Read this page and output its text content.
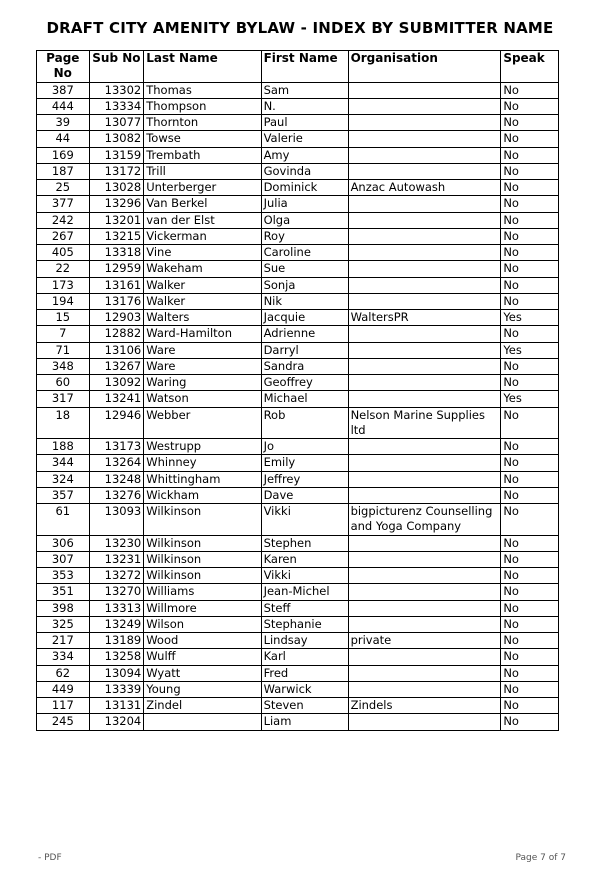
DRAFT CITY AMENITY BYLAW - INDEX BY SUBMITTER NAME
Page No	Sub No	Last Name	First Name	Organisation	Speak
387	13302	Thomas	Sam		No
444	13334	Thompson	N.		No
39	13077	Thornton	Paul		No
44	13082	Towse	Valerie		No
169	13159	Trembath	Amy		No
187	13172	Trill	Govinda		No
25	13028	Unterberger	Dominick	Anzac Autowash	No
377	13296	Van Berkel	Julia		No
242	13201	van der Elst	Olga		No
267	13215	Vickerman	Roy		No
405	13318	Vine	Caroline		No
22	12959	Wakeham	Sue		No
173	13161	Walker	Sonja		No
194	13176	Walker	Nik		No
15	12903	Walters	Jacquie	WaltersPR	Yes
7	12882	Ward-Hamilton	Adrienne		No
71	13106	Ware	Darryl		Yes
348	13267	Ware	Sandra		No
60	13092	Waring	Geoffrey		No
317	13241	Watson	Michael		Yes
18	12946	Webber	Rob	Nelson Marine Supplies ltd	No
188	13173	Westrupp	Jo		No
344	13264	Whinney	Emily		No
324	13248	Whittingham	Jeffrey		No
357	13276	Wickham	Dave		No
61	13093	Wilkinson	Vikki	bigpicturenz Counselling and Yoga Company	No
306	13230	Wilkinson	Stephen		No
307	13231	Wilkinson	Karen		No
353	13272	Wilkinson	Vikki		No
351	13270	Williams	Jean-Michel		No
398	13313	Willmore	Steff		No
325	13249	Wilson	Stephanie		No
217	13189	Wood	Lindsay	private	No
334	13258	Wulff	Karl		No
62	13094	Wyatt	Fred		No
449	13339	Young	Warwick		No
117	13131	Zindel	Steven	Zindels	No
245	13204		Liam		No
- PDF	Page 7 of 7
